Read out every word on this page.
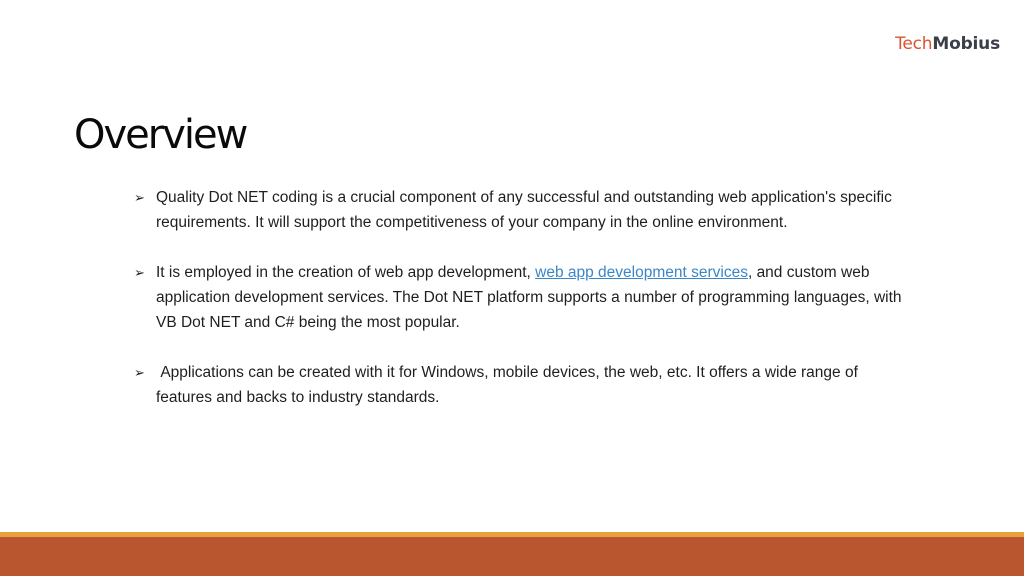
Tech Mobius
Overview
➢ Quality Dot NET coding is a crucial component of any successful and outstanding web application's specific requirements. It will support the competitiveness of your company in the online environment.
➢ It is employed in the creation of web app development, web app development services, and custom web application development services. The Dot NET platform supports a number of programming languages, with VB Dot NET and C# being the most popular.
➢ Applications can be created with it for Windows, mobile devices, the web, etc. It offers a wide range of features and backs to industry standards.
